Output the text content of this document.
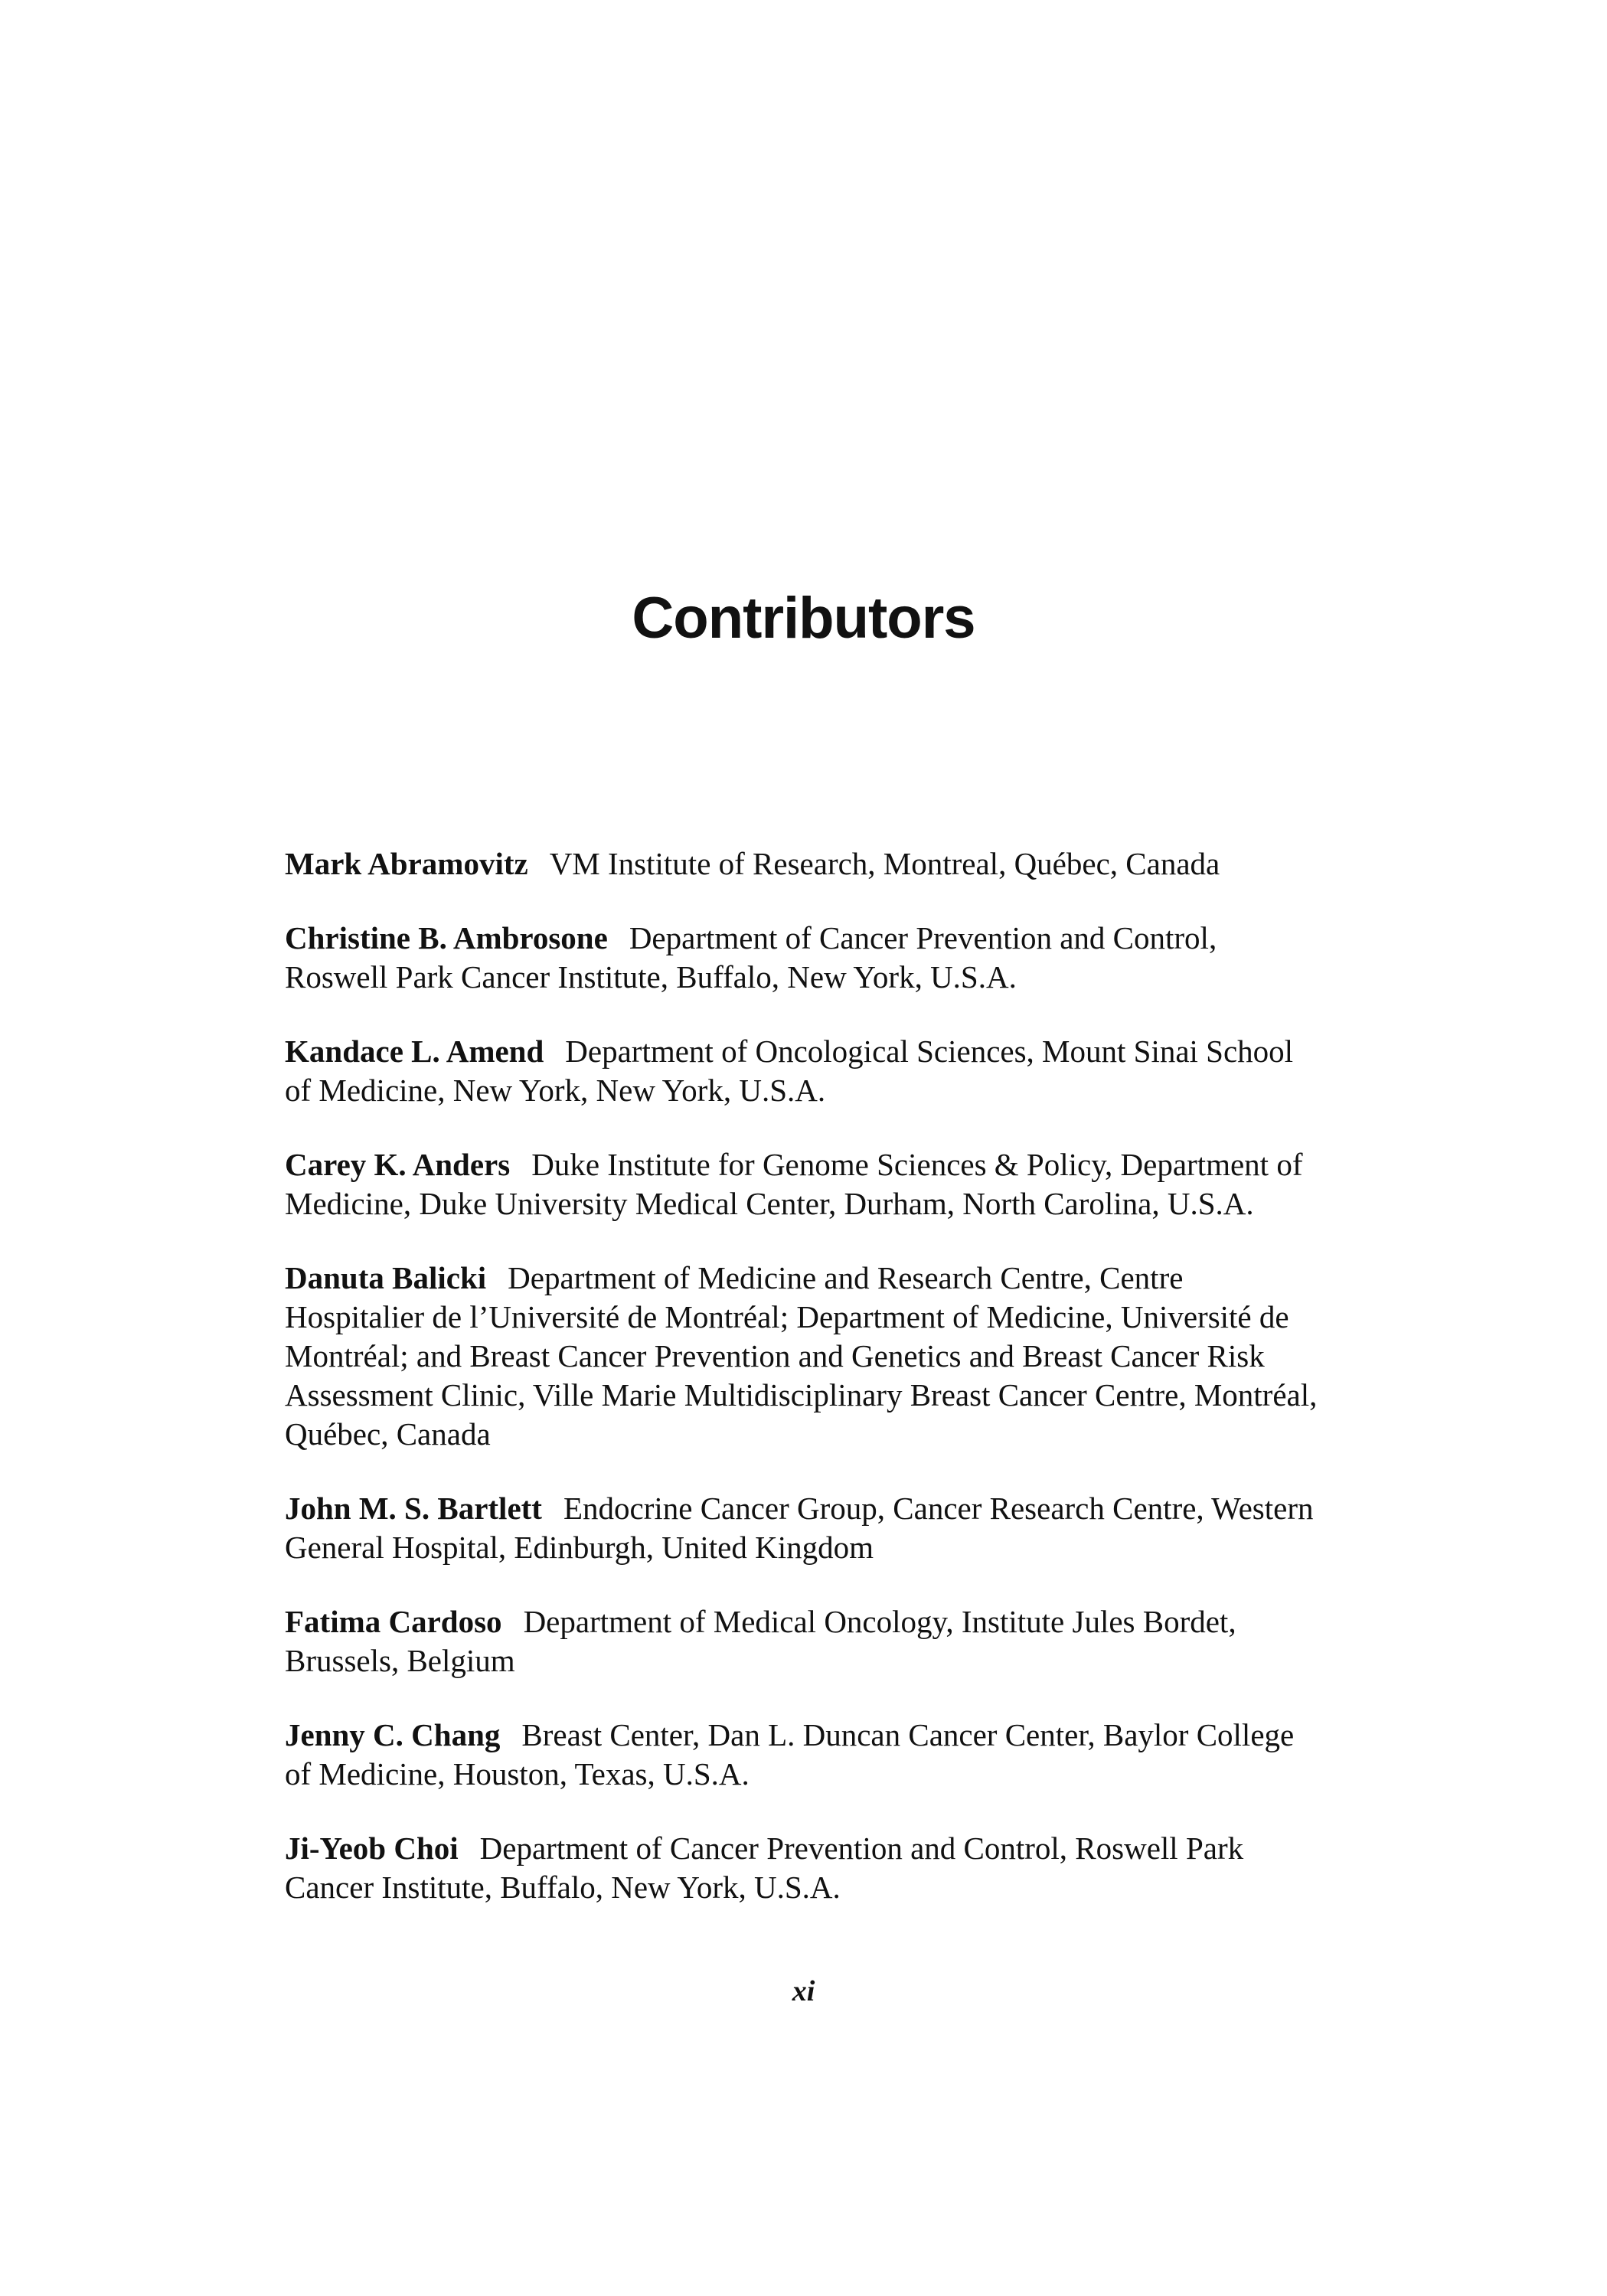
Contributors

Mark Abramovitz VM Institute of Research, Montreal, Québec, Canada

Christine B. Ambrosone Department of Cancer Prevention and Control, Roswell Park Cancer Institute, Buffalo, New York, U.S.A.

Kandace L. Amend Department of Oncological Sciences, Mount Sinai School of Medicine, New York, New York, U.S.A.

Carey K. Anders Duke Institute for Genome Sciences & Policy, Department of Medicine, Duke University Medical Center, Durham, North Carolina, U.S.A.

Danuta Balicki Department of Medicine and Research Centre, Centre Hospitalier de l’Université de Montréal; Department of Medicine, Université de Montréal; and Breast Cancer Prevention and Genetics and Breast Cancer Risk Assessment Clinic, Ville Marie Multidisciplinary Breast Cancer Centre, Montréal, Québec, Canada

John M. S. Bartlett Endocrine Cancer Group, Cancer Research Centre, Western General Hospital, Edinburgh, United Kingdom

Fatima Cardoso Department of Medical Oncology, Institute Jules Bordet, Brussels, Belgium

Jenny C. Chang Breast Center, Dan L. Duncan Cancer Center, Baylor College of Medicine, Houston, Texas, U.S.A.

Ji-Yeob Choi Department of Cancer Prevention and Control, Roswell Park Cancer Institute, Buffalo, New York, U.S.A.

xi
